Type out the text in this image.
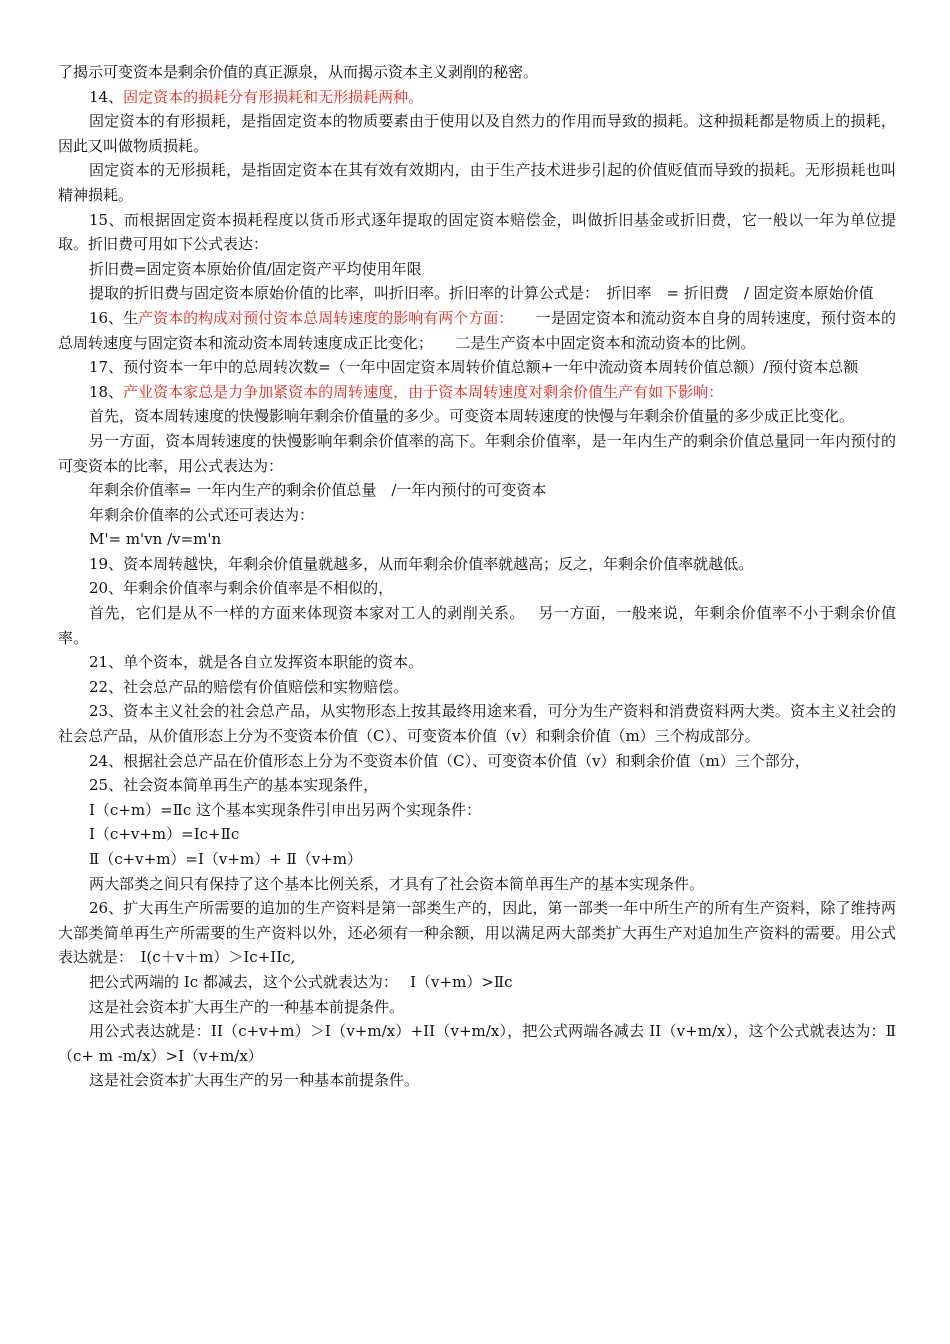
了揭示可变资本是剩余价值的真正源泉，从而揭示资本主义剥削的秘密。

14、固定资本的损耗分有形损耗和无形损耗两种。

固定资本的有形损耗，是指固定资本的物质要素由于使用以及自然力的作用而导致的损耗。这种损耗都是物质上的损耗，因此又叫做物质损耗。

固定资本的无形损耗，是指固定资本在其有效有效期内，由于生产技术进步引起的价值贬值而导致的损耗。无形损耗也叫精神损耗。

15、而根据固定资本损耗程度以货币形式逐年提取的固定资本赔偿金，叫做折旧基金或折旧费，它一般以一年为单位提取。折旧费可用如下公式表达：

折旧费=固定资本原始价值/固定资产平均使用年限

提取的折旧费与固定资本原始价值的比率，叫折旧率。折旧率的计算公式是：　折旧率　= 折旧费　/ 固定资本原始价值

16、生产资本的构成对预付资本总周转速度的影响有两个方面：　　一是固定资本和流动资本自身的周转速度，预付资本的总周转速度与固定资本和流动资本周转速度成正比变化；　　二是生产资本中固定资本和流动资本的比例。

17、预付资本一年中的总周转次数=（一年中固定资本周转价值总额+一年中流动资本周转价值总额）/预付资本总额

18、产业资本家总是力争加紧资本的周转速度，由于资本周转速度对剩余价值生产有如下影响：

首先，资本周转速度的快慢影响年剩余价值量的多少。可变资本周转速度的快慢与年剩余价值量的多少成正比变化。

另一方面，资本周转速度的快慢影响年剩余价值率的高下。年剩余价值率，是一年内生产的剩余价值总量同一年内预付的可变资本的比率，用公式表达为：

年剩余价值率= 一年内生产的剩余价值总量　/一年内预付的可变资本

年剩余价值率的公式还可表达为：

M'= m'vn /v=m'n

19、资本周转越快，年剩余价值量就越多，从而年剩余价值率就越高；反之，年剩余价值率就越低。

20、年剩余价值率与剩余价值率是不相似的，

首先，它们是从不一样的方面来体现资本家对工人的剥削关系。　 另一方面，一般来说，年剩余价值率不小于剩余价值率。

21、单个资本，就是各自立发挥资本职能的资本。

22、社会总产品的赔偿有价值赔偿和实物赔偿。

23、资本主义社会的社会总产品，从实物形态上按其最终用途来看，可分为生产资料和消费资料两大类。资本主义社会的社会总产品，从价值形态上分为不变资本价值（C）、可变资本价值（v）和剩余价值（m）三个构成部分。

24、根据社会总产品在价值形态上分为不变资本价值（C）、可变资本价值（v）和剩余价值（m）三个部分，

25、社会资本简单再生产的基本实现条件，

Ⅰ（c+m）=Ⅱc 这个基本实现条件引申出另两个实现条件：

Ⅰ（c+v+m）=Ic+Ⅱc

Ⅱ（c+v+m）=Ⅰ（v+m）+ Ⅱ（v+m）

两大部类之间只有保持了这个基本比例关系，才具有了社会资本简单再生产的基本实现条件。

26、扩大再生产所需要的追加的生产资料是第一部类生产的，因此，第一部类一年中所生产的所有生产资料，除了维持两大部类简单再生产所需要的生产资料以外，还必须有一种余额，用以满足两大部类扩大再生产对追加生产资料的需要。用公式表达就是：　Ⅰ(c＋v＋m）＞Ic+IIc,

把公式两端的 Ic 都减去，这个公式就表达为：　 Ⅰ（v+m）>Ⅱc

这是社会资本扩大再生产的一种基本前提条件。

用公式表达就是：II（c+v+m）＞I（v+m/x）+II（v+m/x），把公式两端各减去 II（v+m/x），这个公式就表达为：Ⅱ（c+ m -m/x）>Ⅰ（v+m/x）

这是社会资本扩大再生产的另一种基本前提条件。
